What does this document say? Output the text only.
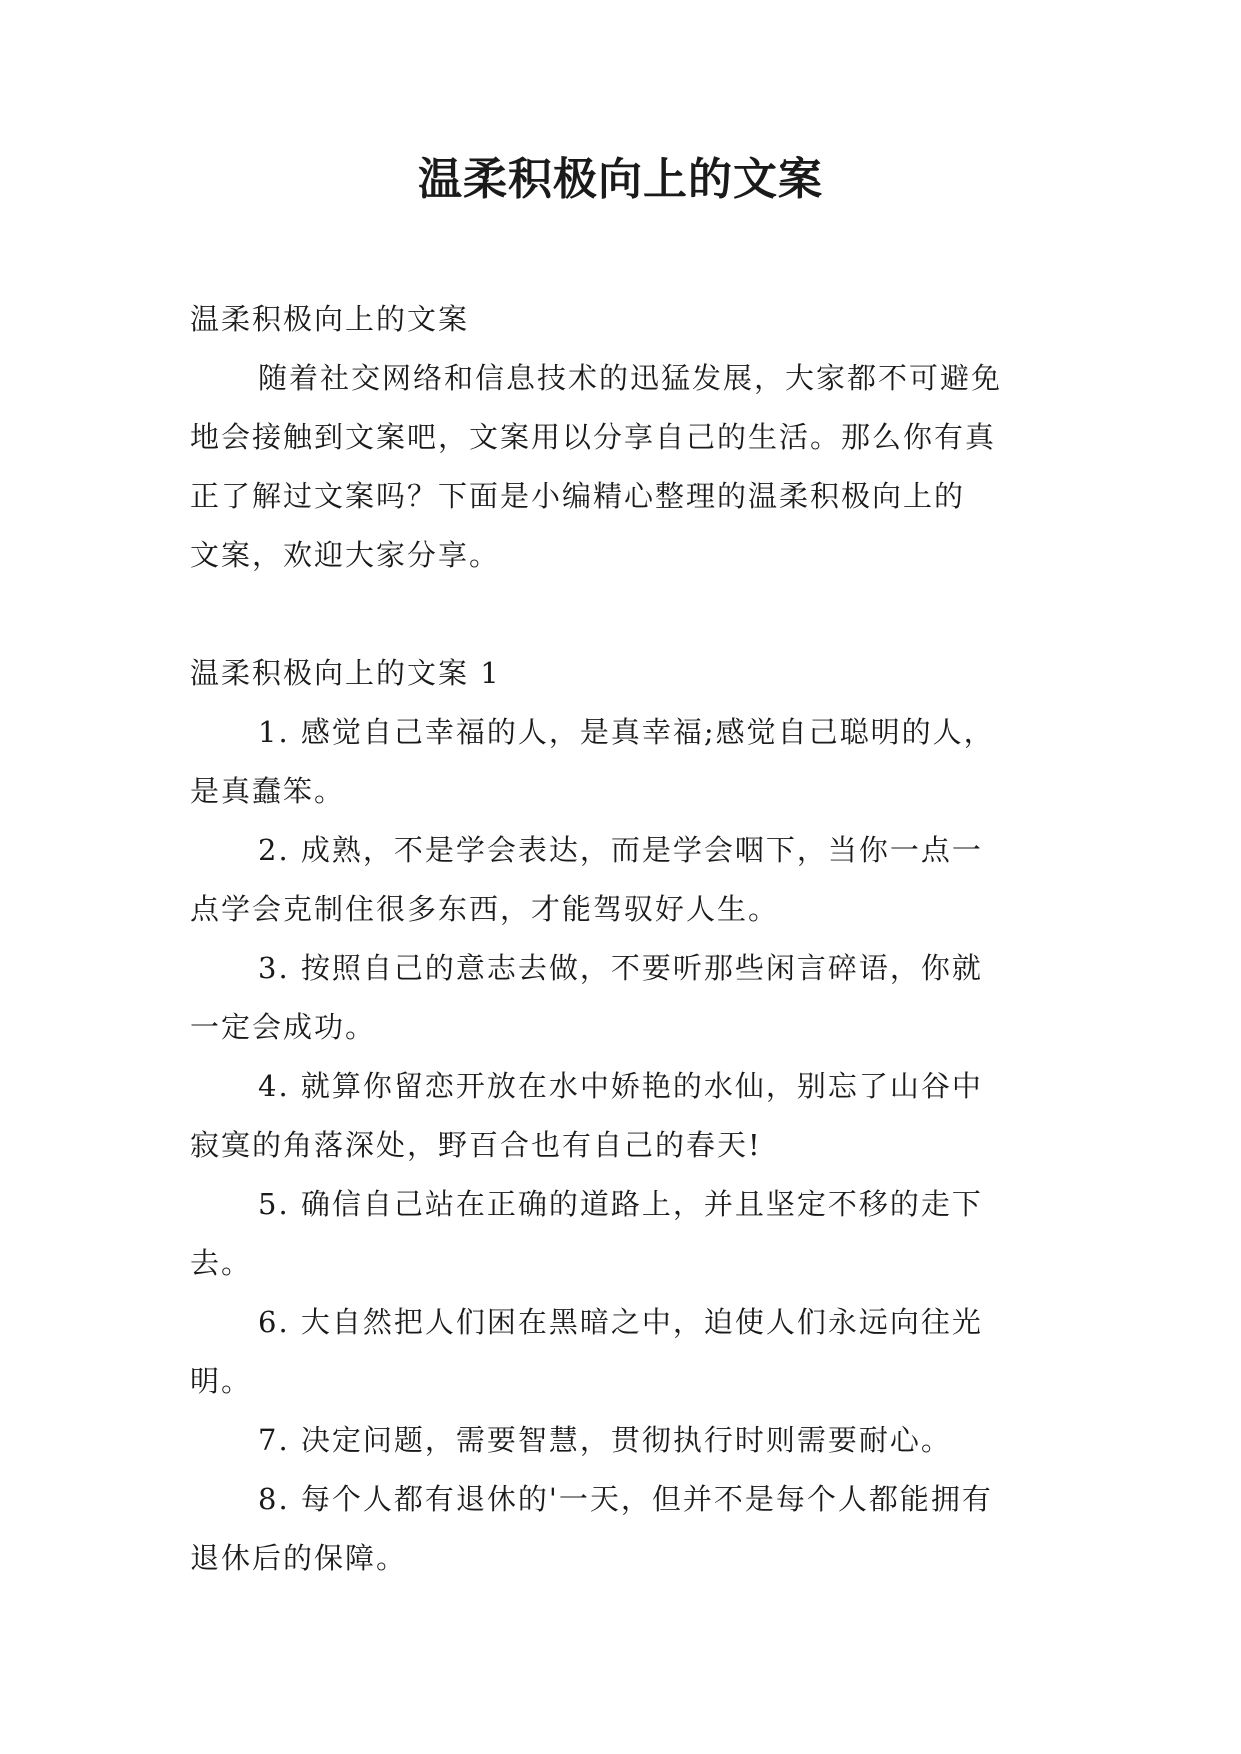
温柔积极向上的文案
温柔积极向上的文案
随着社交网络和信息技术的迅猛发展，大家都不可避免
地会接触到文案吧，文案用以分享自己的生活。那么你有真
正了解过文案吗？下面是小编精心整理的温柔积极向上的
文案，欢迎大家分享。
温柔积极向上的文案 1
1. 感觉自己幸福的人，是真幸福;感觉自己聪明的人，
是真蠢笨。
2. 成熟，不是学会表达，而是学会咽下，当你一点一
点学会克制住很多东西，才能驾驭好人生。
3. 按照自己的意志去做，不要听那些闲言碎语，你就
一定会成功。
4. 就算你留恋开放在水中娇艳的水仙，别忘了山谷中
寂寞的角落深处，野百合也有自己的春天!
5. 确信自己站在正确的道路上，并且坚定不移的走下
去。
6. 大自然把人们困在黑暗之中，迫使人们永远向往光
明。
7. 决定问题，需要智慧，贯彻执行时则需要耐心。
8. 每个人都有退休的'一天，但并不是每个人都能拥有
退休后的保障。
